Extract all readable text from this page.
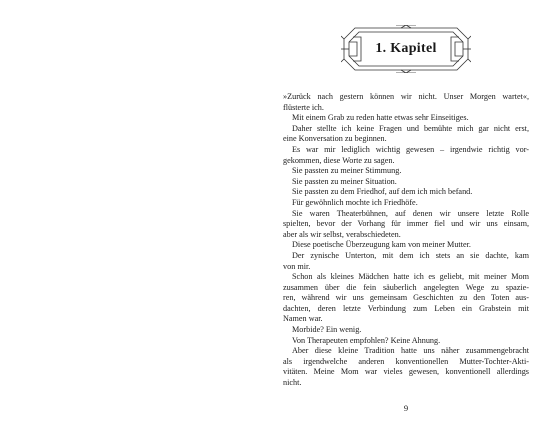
1. Kapitel
»Zurück nach gestern können wir nicht. Unser Morgen wartet«,
flüsterte ich.
Mit einem Grab zu reden hatte etwas sehr Einseitiges.
Daher stellte ich keine Fragen und bemühte mich gar nicht erst,
eine Konversation zu beginnen.
Es war mir lediglich wichtig gewesen – irgendwie richtig vor-
gekommen, diese Worte zu sagen.
Sie passten zu meiner Stimmung.
Sie passten zu meiner Situation.
Sie passten zu dem Friedhof, auf dem ich mich befand.
Für gewöhnlich mochte ich Friedhöfe.
Sie waren Theaterbühnen, auf denen wir unsere letzte Rolle
spielten, bevor der Vorhang für immer fiel und wir uns einsam,
aber als wir selbst, verabschiedeten.
Diese poetische Überzeugung kam von meiner Mutter.
Der zynische Unterton, mit dem ich stets an sie dachte, kam
von mir.
Schon als kleines Mädchen hatte ich es geliebt, mit meiner Mom
zusammen über die fein säuberlich angelegten Wege zu spazie-
ren, während wir uns gemeinsam Geschichten zu den Toten aus-
dachten, deren letzte Verbindung zum Leben ein Grabstein mit
Namen war.
Morbide? Ein wenig.
Von Therapeuten empfohlen? Keine Ahnung.
Aber diese kleine Tradition hatte uns näher zusammengebracht
als irgendwelche anderen konventionellen Mutter-Tochter-Akti-
vitäten. Meine Mom war vieles gewesen, konventionell allerdings
nicht.
9
